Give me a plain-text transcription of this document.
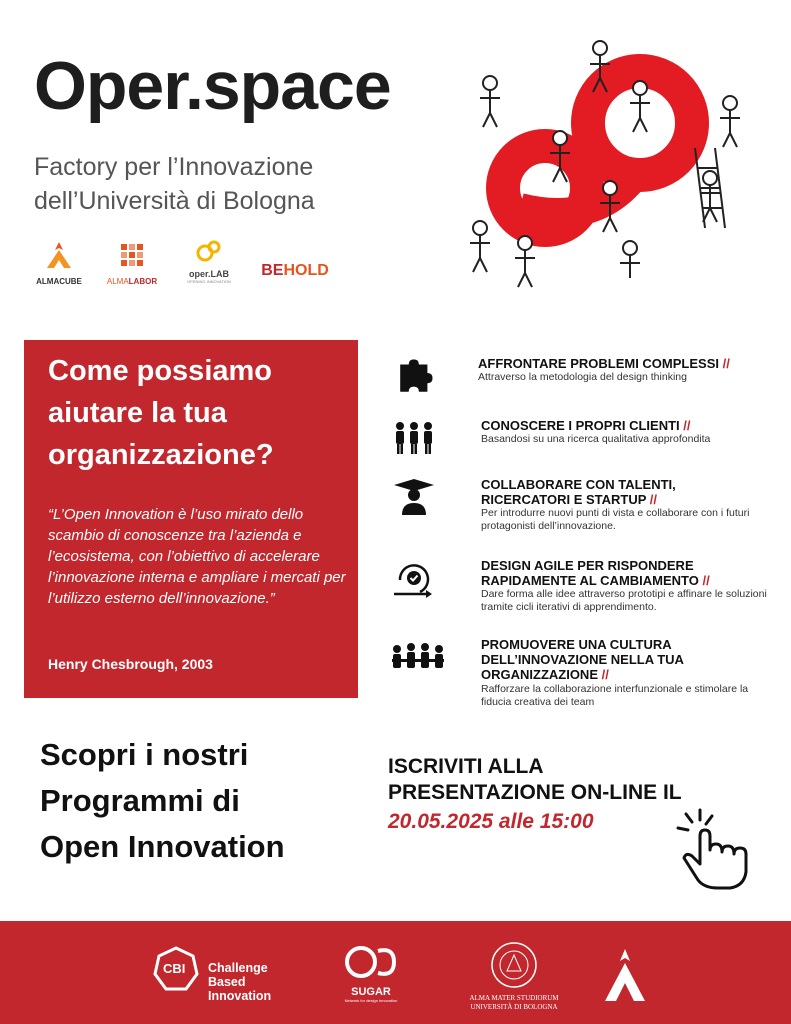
Oper.space
Factory per l’Innovazione
dell’Università di Bologna
ALMACUBE	ALMALABOR
oper.LAB
OPENING INNOVATION
BEHOLD
Come possiamo aiutare la tua organizzazione?
“L’Open Innovation è l’uso mirato dello scambio di conoscenze tra l’azienda e l’ecosistema, con l’obiettivo di accelerare l’innovazione interna e ampliare i mercati per l’utilizzo esterno dell’innovazione.”
Henry Chesbrough, 2003
AFFRONTARE PROBLEMI COMPLESSI //
Attraverso la metodologia del design thinking
CONOSCERE I PROPRI CLIENTI //
Basandosi su una ricerca qualitativa approfondita
COLLABORARE CON TALENTI,
RICERCATORI E STARTUP //
Per introdurre nuovi punti di vista e collaborare con i futuri protagonisti dell’innovazione.
DESIGN AGILE PER RISPONDERE
RAPIDAMENTE AL CAMBIAMENTO //
Dare forma alle idee attraverso prototipi e affinare le soluzioni tramite cicli iterativi di apprendimento.
PROMUOVERE UNA CULTURA
DELL’INNOVAZIONE NELLA TUA
ORGANIZZAZIONE //
Rafforzare la collaborazione interfunzionale e stimolare la fiducia creativa dei team
Scopri i nostri
Programmi di
Open Innovation
ISCRIVITI ALLA
PRESENTAZIONE ON-LINE IL
20.05.2025 alle 15:00
CBI Challenge
Based
Innovation	SUGAR
Network for design innovation	ALMA MATER STUDIORUM
UNIVERSITÀ DI BOLOGNA
